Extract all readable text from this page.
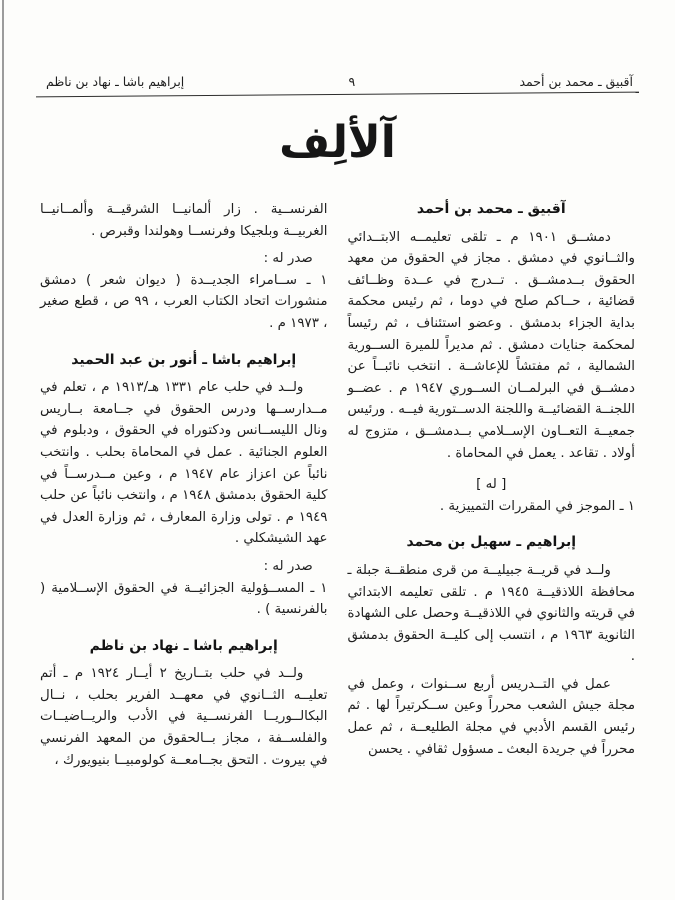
آقبيق ـ محمد بن أحمد
٩
إبراهيم باشا ـ نهاد بن ناظم
آلألِف
آقبيق ـ محمد بن أحمد
دمشــق ١٩٠١ م ـ تلقى تعليمــه الابتــدائي والثــانوي في دمشق . مجاز في الحقوق من معهد الحقوق بــدمشــق . تــدرج في عــدة وظــائف قضائية ، حــاكم صلح في دوما ، ثم رئيس محكمة بداية الجزاء بدمشق . وعضو استئناف ، ثم رئيساً لمحكمة جنايات دمشق . ثم مديراً للميرة الســورية الشمالية ، ثم مفتشاً للإعاشــة . انتخب نائبــاً عن دمشــق في البرلمــان الســوري ١٩٤٧ م . عضــو اللجنــة القضائيــة واللجنة الدســتورية فيــه . ورئيس جمعيــة التعــاون الإســلامي بــدمشــق ، متزوج له أولاد . تقاعد . يعمل في المحاماة .
[ له ]
١ ـ الموجز في المقررات التمييزية .
إبراهيم ـ سهيل بن محمد
ولــد في قريــة جبيليــة من قرى منطقــة جبلة ـ محافظة اللاذقيــة ١٩٤٥ م . تلقى تعليمه الابتدائي في قريته والثانوي في اللاذقيــة وحصل على الشهادة الثانوية ١٩٦٣ م ، انتسب إلى كليــة الحقوق بدمشق .
عمل في التــدريس أربع ســنوات ، وعمل في مجلة جيش الشعب محرراً وعين ســكرتيراً لها . ثم رئيس القسم الأدبي في مجلة الطليعــة ، ثم عمل محرراً في جريدة البعث ـ مسؤول ثقافي . يحسن
الفرنســية . زار ألمانيــا الشرقيــة وألمــانيــا الغربيــة وبلجيكا وفرنســا وهولندا وقبرص .
صدر له :
١ ـ ســامراء الجديــدة ( ديوان شعر ) دمشق منشورات اتحاد الكتاب العرب ، ٩٩ ص ، قطع صغير ، ١٩٧٣ م .
إبراهيم باشا ـ أنور بن عبد الحميد
ولــد في حلب عام ١٣٣١ هـ/١٩١٣ م ، تعلم في مــدارســها ودرس الحقوق في جــامعة بــاريس ونال الليســانس ودكتوراه في الحقوق ، ودبلوم في العلوم الجنائية . عمل في المحاماة بحلب . وانتخب نائباً عن اعزاز عام ١٩٤٧ م ، وعين مــدرســاً في كلية الحقوق بدمشق ١٩٤٨ م ، وانتخب نائباً عن حلب ١٩٤٩ م . تولى وزارة المعارف ، ثم وزارة العدل في عهد الشيشكلي .
صدر له :
١ ـ المســؤولية الجزائيــة في الحقوق الإســلامية ( بالفرنسية ) .
إبراهيم باشا ـ نهاد بن ناظم
ولــد في حلب بتــاريخ ٢ أيــار ١٩٢٤ م ـ أتم تعليــه الثــانوي في معهــد الفرير بحلب ، نــال البكالــوريــا الفرنســية في الأدب والريــاضيــات والفلســفة ، مجاز بــالحقوق من المعهد الفرنسي في بيروت . التحق بجــامعــة كولومبيــا بنيويورك ،
